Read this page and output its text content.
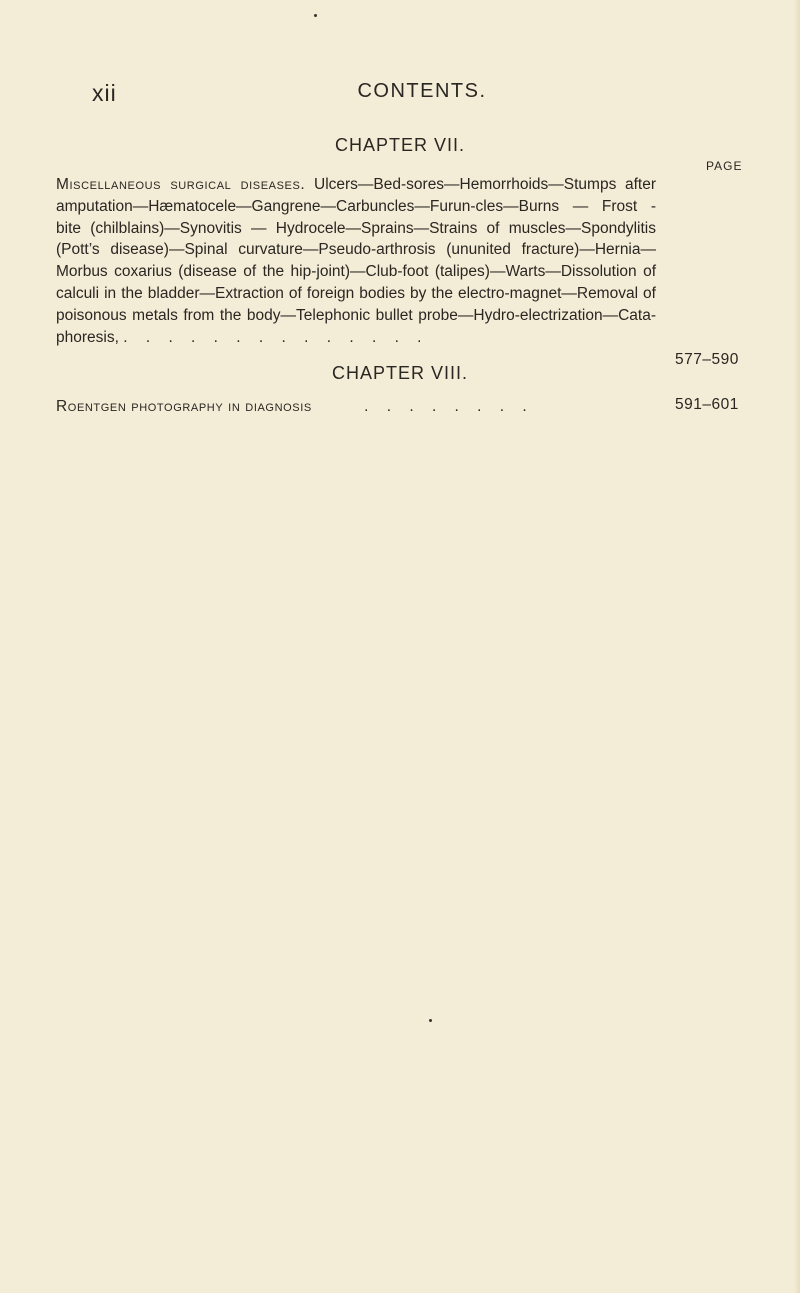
xii	CONTENTS.
CHAPTER VII.
PAGE
Miscellaneous surgical diseases. Ulcers—Bed-sores—Hemorrhoids—Stumps after amputation—Hæmatocele—Gangrene—Carbuncles—Furun-cles—Burns — Frost - bite (chilblains)—Synovitis — Hydrocele—Sprains—Strains of muscles—Spondylitis (Pott’s disease)—Spinal curvature—Pseudo-arthrosis (ununited fracture)—Hernia—Morbus coxarius (disease of the hip-joint)—Club-foot (talipes)—Warts—Dissolution of calculi in the bladder—Extraction of foreign bodies by the electro-magnet—Removal of poisonous metals from the body—Telephonic bullet probe—Hydro-electrization—Cata-phoresis, . . . . . . . . . . . . . .
577–590
CHAPTER VIII.
Roentgen photography in diagnosis	. . . . . . . .	591–601
